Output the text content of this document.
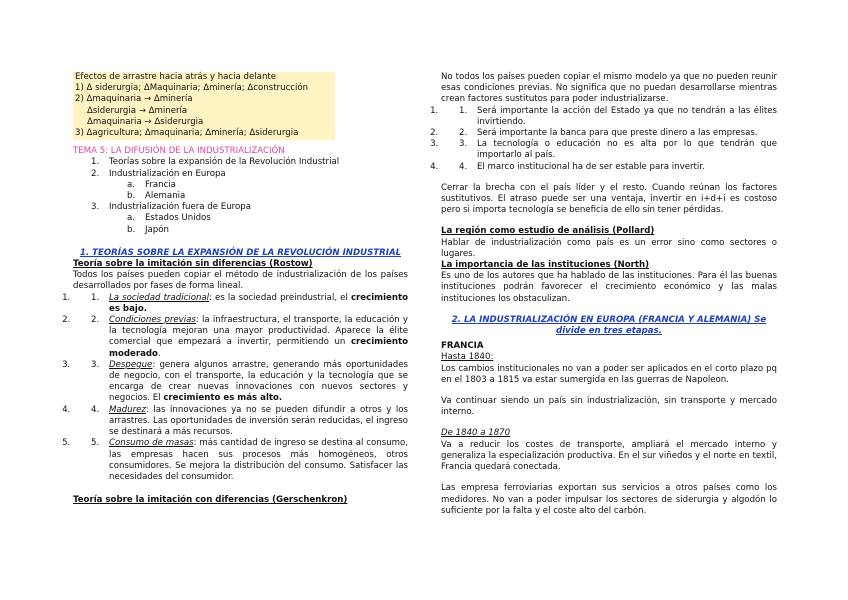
Efectos de arrastre hacia atrás y hacia delante
1) Δ siderurgia; ΔMaquinaria; Δminería; Δconstrucción
2) Δmaquinaria → Δminería
Δsiderurgia → Δminería
Δmaquinaria → Δsiderurgia
3) Δagricultura; Δmaquinaria; Δminería; Δsiderurgia
TEMA 5: LA DIFUSIÓN DE LA INDUSTRIALIZACIÓN
1. Teorías sobre la expansión de la Revolución Industrial
2. Industrialización en Europa
a. Francia
b. Alemania
3. Industrialización fuera de Europa
a. Estados Unidos
b. Japón
1. TEORÍAS SOBRE LA EXPANSIÓN DE LA REVOLUCIÓN INDUSTRIAL
Teoría sobre la imitación sin diferencias (Rostow)
Todos los países pueden copiar el método de industrialización de los países desarrollados por fases de forma lineal.
1. 1. La sociedad tradicional: es la sociedad preindustrial, el crecimiento es bajo.
2. 2. Condiciones previas: la infraestructura, el transporte, la educación y la tecnología mejoran una mayor productividad. Aparece la élite comercial que empezará a invertir, permitiendo un crecimiento moderado.
3. 3. Despegue: genera algunos arrastre, generando más oportunidades de negocio, con el transporte, la educación y la tecnología que se encarga de crear nuevas innovaciones con nuevos sectores y negocios. El crecimiento es más alto.
4. 4. Madurez: las innovaciones ya no se pueden difundir a otros y los arrastres. Las oportunidades de inversión serán reducidas, el ingreso se destinará a más recursos.
5. 5. Consumo de masas: más cantidad de ingreso se destina al consumo, las empresas hacen sus procesos más homogéneos, otros consumidores. Se mejora la distribución del consumo. Satisfacer las necesidades del consumidor.
Teoría sobre la imitación con diferencias (Gerschenkron)
No todos los países pueden copiar el mismo modelo ya que no pueden reunir esas condiciones previas. No significa que no puedan desarrollarse mientras crean factores sustitutos para poder industrializarse.
1. 1. Será importante la acción del Estado ya que no tendrán a las élites invirtiendo.
2. 2. Será importante la banca para que preste dinero a las empresas.
3. 3. La tecnología o educación no es alta por lo que tendrán que importarlo al país.
4. 4. El marco institucional ha de ser estable para invertir.
Cerrar la brecha con el país líder y el resto. Cuando reúnan los factores sustitutivos. El atraso puede ser una ventaja, invertir en i+d+i es costoso pero si importa tecnología se beneficia de ello sin tener pérdidas.
La región como estudio de análisis (Pollard)
Hablar de industrialización como país es un error sino como sectores o lugares.
La importancia de las instituciones (North)
Es uno de los autores que ha hablado de las instituciones. Para él las buenas instituciones podrán favorecer el crecimiento económico y las malas instituciones los obstaculizan.
2. LA INDUSTRIALIZACIÓN EN EUROPA (FRANCIA Y ALEMANIA) Se divide en tres etapas.
FRANCIA
Hasta 1840:
Los cambios institucionales no van a poder ser aplicados en el corto plazo pq en el 1803 a 1815 va estar sumergida en las guerras de Napoleon.
Va continuar siendo un país sin industrialización, sin transporte y mercado interno.
De 1840 a 1870
Va a reducir los costes de transporte, ampliará el mercado interno y generaliza la especialización productiva. En el sur viñedos y el norte en textil, Francia quedará conectada.
Las empresa ferroviarias exportan sus servicios a otros países como los medidores. No van a poder impulsar los sectores de siderurgia y algodón lo suficiente por la falta y el coste alto del carbón.
